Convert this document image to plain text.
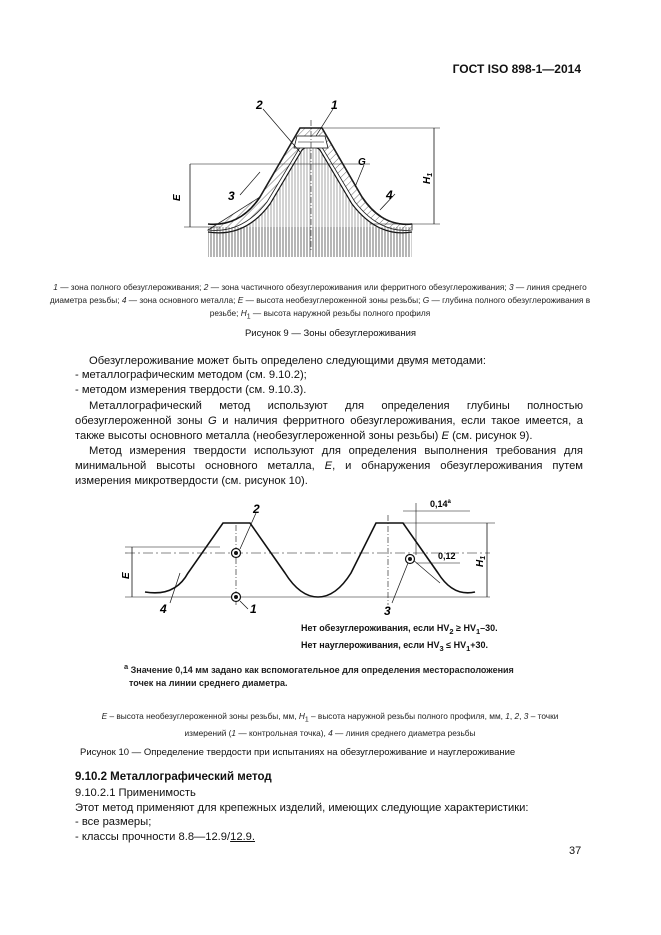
ГОСТ ISO 898-1—2014
2	1
3	4
G
E
$H_1$
1 — зона полного обезуглероживания; 2 — зона частичного обезуглероживания или ферритного обезуглероживания; 3 — линия среднего диаметра резьбы; 4 — зона основного металла; E — высота необезуглероженной зоны резьбы; G — глубина полного обезуглероживания в резьбе; $H_1$ — высота наружной резьбы полного профиля
Рисунок 9 — Зоны обезуглероживания
Обезуглероживание может быть определено следующими двумя методами:
- металлографическим методом (см. 9.10.2);
- методом измерения твердости (см. 9.10.3).
Металлографический метод используют для определения глубины полностью обезуглероженной зоны G и наличия ферритного обезуглероживания, если такое имеется, а также высоты основного металла (необезуглероженной зоны резьбы) E (см. рисунок 9).
Метод измерения твердости используют для определения выполнения требования для минимальной высоты основного металла, E, и обнаружения обезуглероживания путем измерения микротвердости (см. рисунок 10).
2
1	3
4
0,14$^a$
0,12
E
$H_1$
Нет обезуглероживания, если $HV_2 \ge HV_1-30$.
Нет науглероживания, если $HV_3 \le HV_1+30$.
$^a$ Значение 0,14 мм задано как вспомогательное для определения месторасположения
точек на линии среднего диаметра.
E – высота необезуглероженной зоны резьбы, мм, $H_1$ – высота наружной резьбы полного профиля, мм, 1, 2, 3 – точки измерений (1 — контрольная точка), 4 — линия среднего диаметра резьбы
Рисунок 10 — Определение твердости при испытаниях на обезуглероживание и науглероживание
9.10.2 Металлографический метод
9.10.2.1 Применимость
Этот метод применяют для крепежных изделий, имеющих следующие характеристики:
- все размеры;
- классы прочности 8.8—12.9/12.9.
37
